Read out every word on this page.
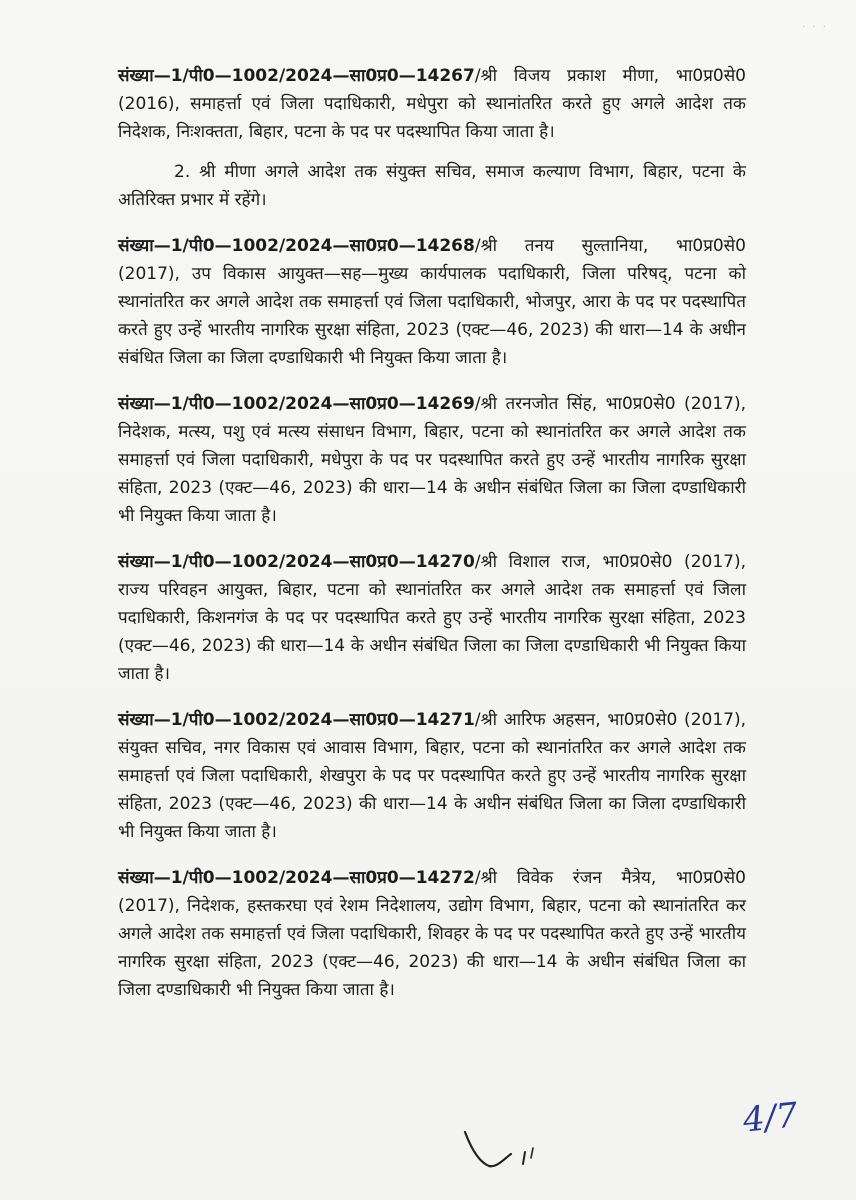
· · ·

संख्या—1/पी0—1002/2024—सा0प्र0—14267/श्री विजय प्रकाश मीणा, भा0प्र0से0 (2016), समाहर्त्ता एवं जिला पदाधिकारी, मधेपुरा को स्थानांतरित करते हुए अगले आदेश तक निदेशक, निःशक्तता, बिहार, पटना के पद पर पदस्थापित किया जाता है।

2. श्री मीणा अगले आदेश तक संयुक्त सचिव, समाज कल्याण विभाग, बिहार, पटना के अतिरिक्त प्रभार में रहेंगे।

संख्या—1/पी0—1002/2024—सा0प्र0—14268/श्री तनय सुल्तानिया, भा0प्र0से0 (2017), उप विकास आयुक्त—सह—मुख्य कार्यपालक पदाधिकारी, जिला परिषद्, पटना को स्थानांतरित कर अगले आदेश तक समाहर्त्ता एवं जिला पदाधिकारी, भोजपुर, आरा के पद पर पदस्थापित करते हुए उन्हें भारतीय नागरिक सुरक्षा संहिता, 2023 (एक्ट—46, 2023) की धारा—14 के अधीन संबंधित जिला का जिला दण्डाधिकारी भी नियुक्त किया जाता है।

संख्या—1/पी0—1002/2024—सा0प्र0—14269/श्री तरनजोत सिंह, भा0प्र0से0 (2017), निदेशक, मत्स्य, पशु एवं मत्स्य संसाधन विभाग, बिहार, पटना को स्थानांतरित कर अगले आदेश तक समाहर्त्ता एवं जिला पदाधिकारी, मधेपुरा के पद पर पदस्थापित करते हुए उन्हें भारतीय नागरिक सुरक्षा संहिता, 2023 (एक्ट—46, 2023) की धारा—14 के अधीन संबंधित जिला का जिला दण्डाधिकारी भी नियुक्त किया जाता है।

संख्या—1/पी0—1002/2024—सा0प्र0—14270/श्री विशाल राज, भा0प्र0से0 (2017), राज्य परिवहन आयुक्त, बिहार, पटना को स्थानांतरित कर अगले आदेश तक समाहर्त्ता एवं जिला पदाधिकारी, किशनगंज के पद पर पदस्थापित करते हुए उन्हें भारतीय नागरिक सुरक्षा संहिता, 2023 (एक्ट—46, 2023) की धारा—14 के अधीन संबंधित जिला का जिला दण्डाधिकारी भी नियुक्त किया जाता है।

संख्या—1/पी0—1002/2024—सा0प्र0—14271/श्री आरिफ अहसन, भा0प्र0से0 (2017), संयुक्त सचिव, नगर विकास एवं आवास विभाग, बिहार, पटना को स्थानांतरित कर अगले आदेश तक समाहर्त्ता एवं जिला पदाधिकारी, शेखपुरा के पद पर पदस्थापित करते हुए उन्हें भारतीय नागरिक सुरक्षा संहिता, 2023 (एक्ट—46, 2023) की धारा—14 के अधीन संबंधित जिला का जिला दण्डाधिकारी भी नियुक्त किया जाता है।

संख्या—1/पी0—1002/2024—सा0प्र0—14272/श्री विवेक रंजन मैत्रेय, भा0प्र0से0 (2017), निदेशक, हस्तकरघा एवं रेशम निदेशालय, उद्योग विभाग, बिहार, पटना को स्थानांतरित कर अगले आदेश तक समाहर्त्ता एवं जिला पदाधिकारी, शिवहर के पद पर पदस्थापित करते हुए उन्हें भारतीय नागरिक सुरक्षा संहिता, 2023 (एक्ट—46, 2023) की धारा—14 के अधीन संबंधित जिला का जिला दण्डाधिकारी भी नियुक्त किया जाता है।

4/7
